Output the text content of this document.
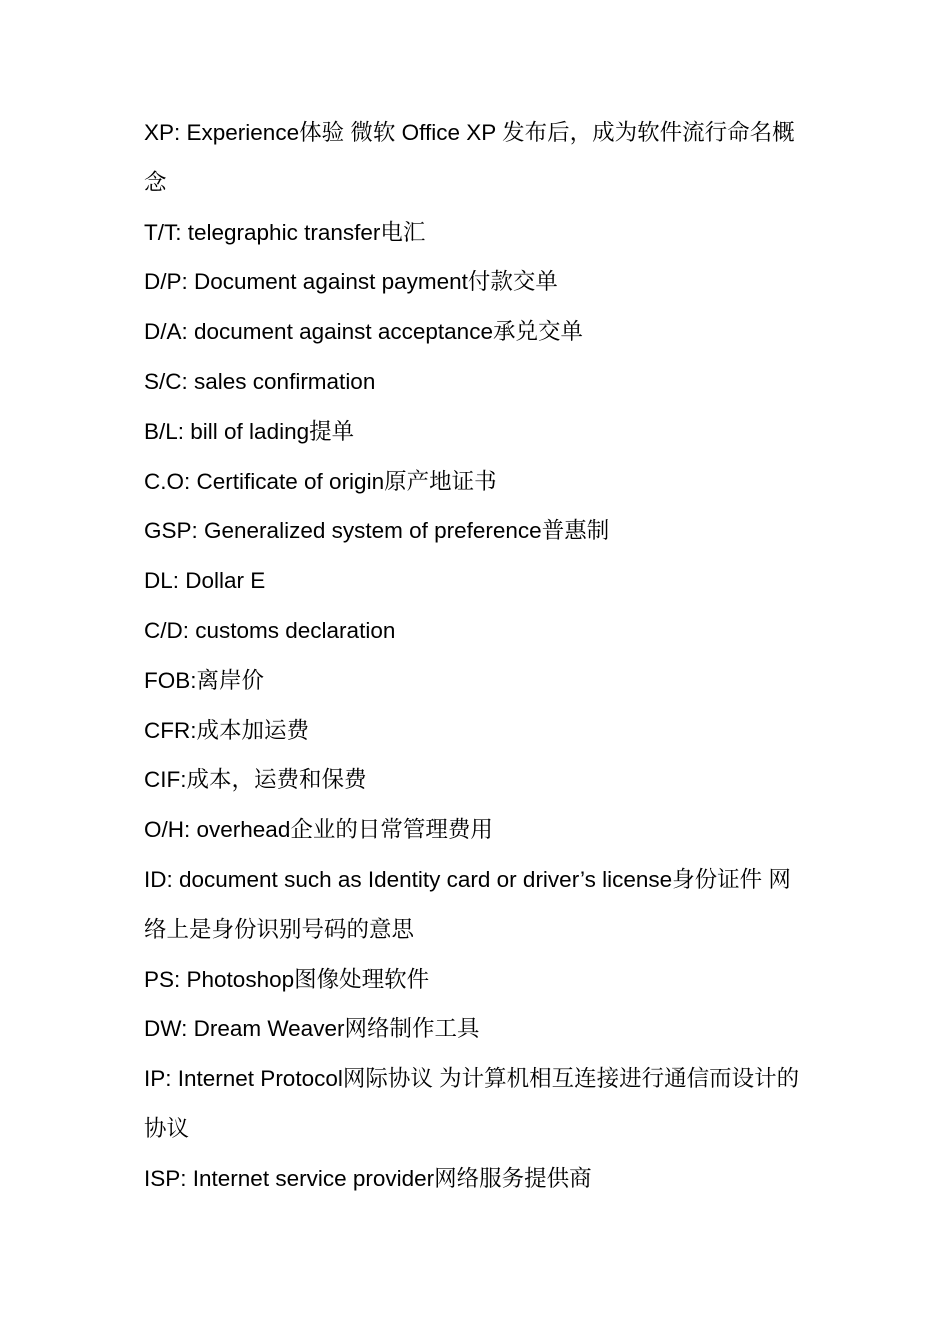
XP: Experience体验 微软 Office XP 发布后，成为软件流行命名概念

T/T: telegraphic transfer电汇

D/P: Document against payment付款交单

D/A: document against acceptance承兑交单

S/C: sales confirmation

B/L: bill of lading提单

C.O: Certificate of origin原产地证书

GSP: Generalized system of preference普惠制

DL: Dollar E

C/D: customs declaration

FOB:离岸价

CFR:成本加运费

CIF:成本，运费和保费

O/H: overhead企业的日常管理费用

ID: document such as Identity card or driver’s license身份证件 网络上是身份识别号码的意思

PS: Photoshop图像处理软件

DW: Dream Weaver网络制作工具

IP: Internet Protocol网际协议 为计算机相互连接进行通信而设计的协议

ISP: Internet service provider网络服务提供商
